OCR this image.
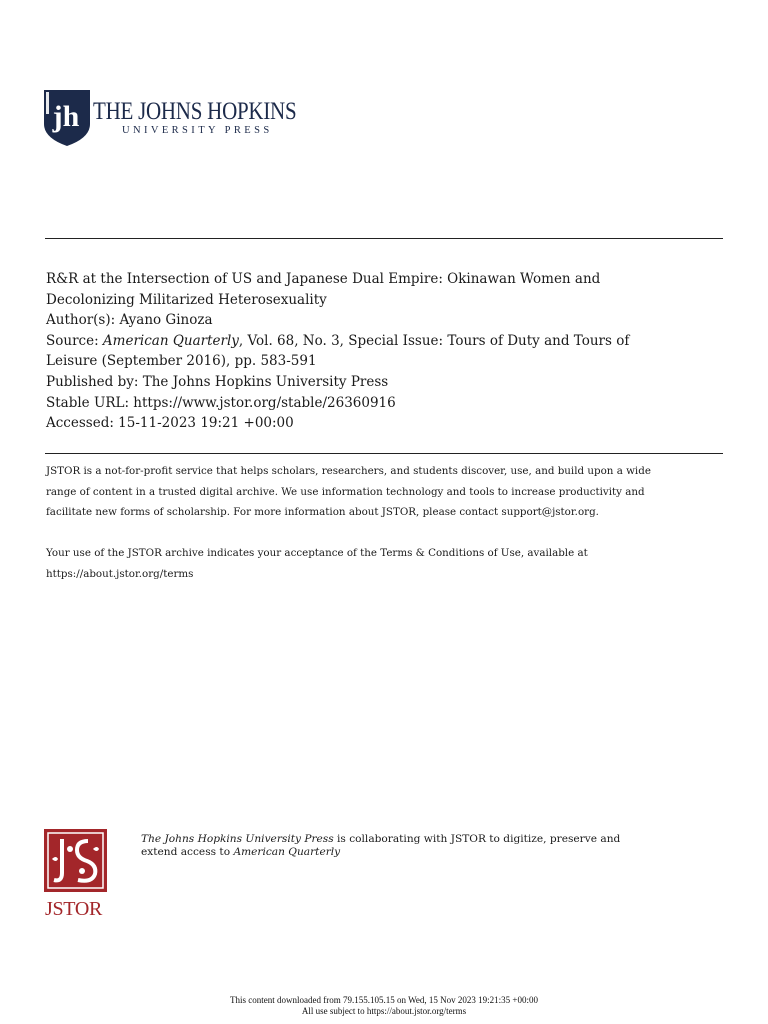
jh THE JOHNS HOPKINS
UNIVERSITY PRESS
R&R at the Intersection of US and Japanese Dual Empire: Okinawan Women and
Decolonizing Militarized Heterosexuality
Author(s): Ayano Ginoza
Source: American Quarterly, Vol. 68, No. 3, Special Issue: Tours of Duty and Tours of
Leisure (September 2016), pp. 583-591
Published by: The Johns Hopkins University Press
Stable URL: https://www.jstor.org/stable/26360916
Accessed: 15-11-2023 19:21 +00:00
JSTOR is a not-for-profit service that helps scholars, researchers, and students discover, use, and build upon a wide
range of content in a trusted digital archive. We use information technology and tools to increase productivity and
facilitate new forms of scholarship. For more information about JSTOR, please contact support@jstor.org.
Your use of the JSTOR archive indicates your acceptance of the Terms & Conditions of Use, available at
https://about.jstor.org/terms
JSTOR
The Johns Hopkins University Press is collaborating with JSTOR to digitize, preserve and
extend access to American Quarterly
This content downloaded from 79.155.105.15 on Wed, 15 Nov 2023 19:21:35 +00:00
All use subject to https://about.jstor.org/terms
